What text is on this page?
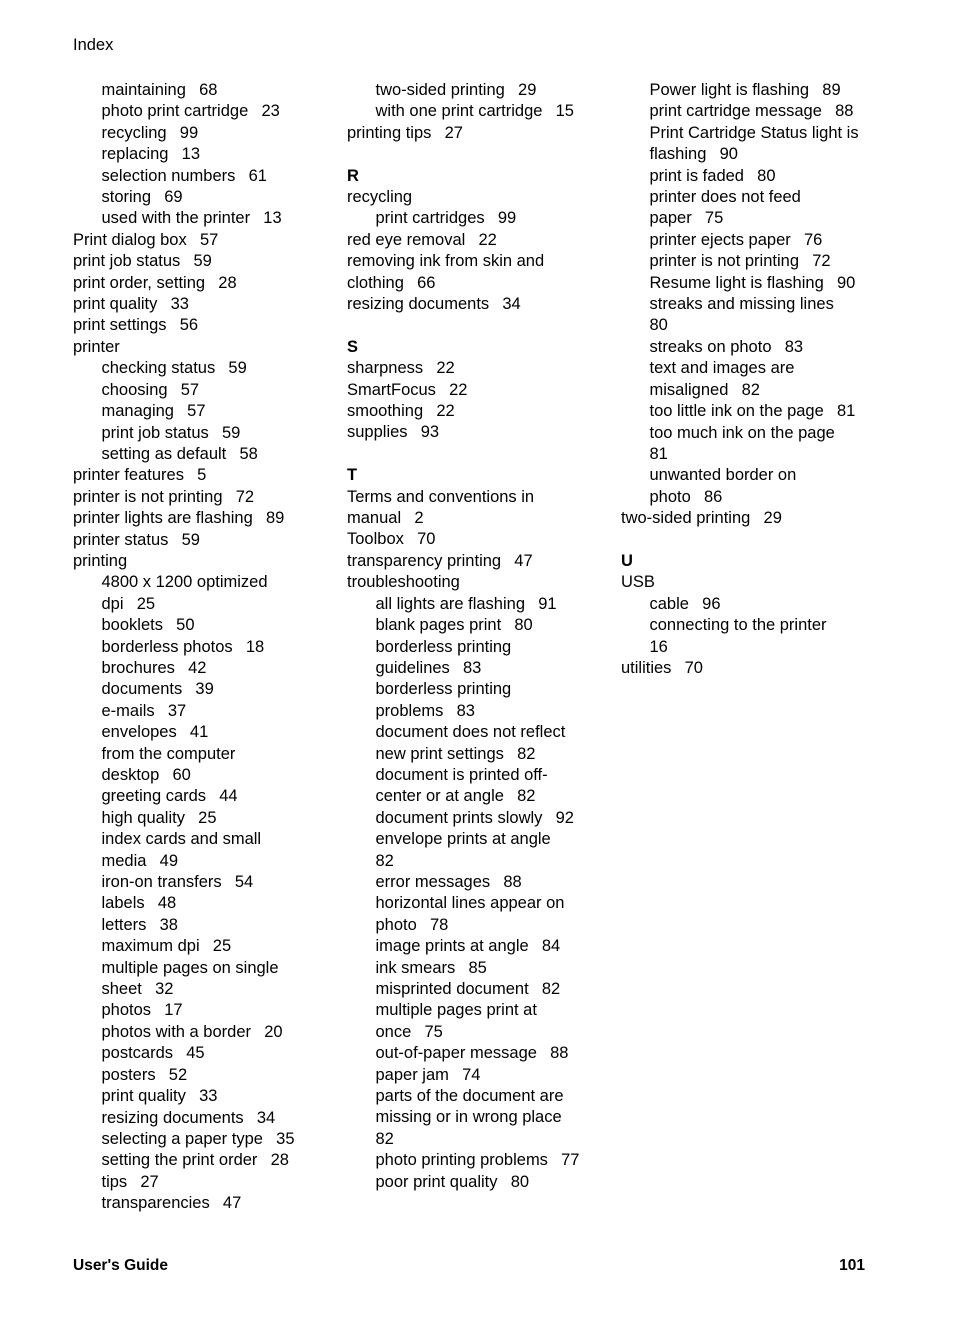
Index
maintaining 68
photo print cartridge 23
recycling 99
replacing 13
selection numbers 61
storing 69
used with the printer 13
Print dialog box 57
print job status 59
print order, setting 28
print quality 33
print settings 56
printer
checking status 59
choosing 57
managing 57
print job status 59
setting as default 58
printer features 5
printer is not printing 72
printer lights are flashing 89
printer status 59
printing
4800 x 1200 optimized
dpi 25
booklets 50
borderless photos 18
brochures 42
documents 39
e-mails 37
envelopes 41
from the computer
desktop 60
greeting cards 44
high quality 25
index cards and small
media 49
iron-on transfers 54
labels 48
letters 38
maximum dpi 25
multiple pages on single
sheet 32
photos 17
photos with a border 20
postcards 45
posters 52
print quality 33
resizing documents 34
selecting a paper type 35
setting the print order 28
tips 27
transparencies 47
two-sided printing 29
with one print cartridge 15
printing tips 27
R
recycling
print cartridges 99
red eye removal 22
removing ink from skin and
clothing 66
resizing documents 34
S
sharpness 22
SmartFocus 22
smoothing 22
supplies 93
T
Terms and conventions in
manual 2
Toolbox 70
transparency printing 47
troubleshooting
all lights are flashing 91
blank pages print 80
borderless printing
guidelines 83
borderless printing
problems 83
document does not reflect
new print settings 82
document is printed off-
center or at angle 82
document prints slowly 92
envelope prints at angle
82
error messages 88
horizontal lines appear on
photo 78
image prints at angle 84
ink smears 85
misprinted document 82
multiple pages print at
once 75
out-of-paper message 88
paper jam 74
parts of the document are
missing or in wrong place
82
photo printing problems 77
poor print quality 80
Power light is flashing 89
print cartridge message 88
Print Cartridge Status light is
flashing 90
print is faded 80
printer does not feed
paper 75
printer ejects paper 76
printer is not printing 72
Resume light is flashing 90
streaks and missing lines
80
streaks on photo 83
text and images are
misaligned 82
too little ink on the page 81
too much ink on the page
81
unwanted border on
photo 86
two-sided printing 29
U
USB
cable 96
connecting to the printer
16
utilities 70
User's Guide	101
